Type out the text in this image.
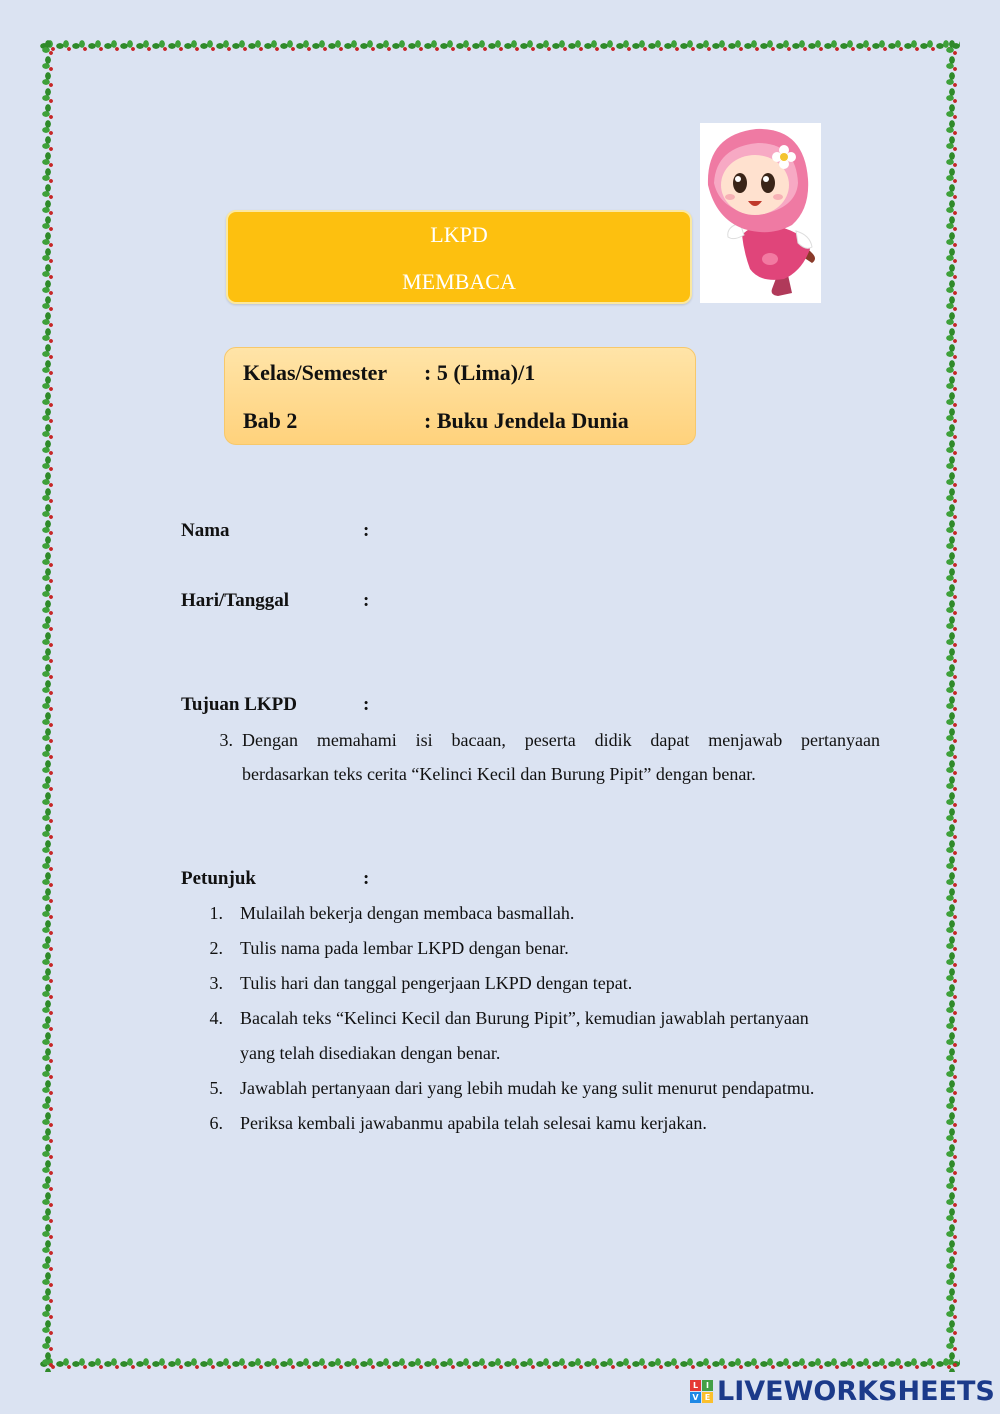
LKPD
MEMBACA
Kelas/Semester : 5 (Lima)/1
Bab 2	: Buku Jendela Dunia
Nama	:
Hari/Tanggal	:
Tujuan LKPD	:
3. Dengan memahami isi bacaan, peserta didik dapat menjawab pertanyaan
berdasarkan teks cerita “Kelinci Kecil dan Burung Pipit” dengan benar.
Petunjuk	:
1. Mulailah bekerja dengan membaca basmallah.
2. Tulis nama pada lembar LKPD dengan benar.
3. Tulis hari dan tanggal pengerjaan LKPD dengan tepat.
4. Bacalah teks “Kelinci Kecil dan Burung Pipit”, kemudian jawablah pertanyaan
yang telah disediakan dengan benar.
5. Jawablah pertanyaan dari yang lebih mudah ke yang sulit menurut pendapatmu.
6. Periksa kembali jawabanmu apabila telah selesai kamu kerjakan.
L I
V E LIVEWORKSHEETS
